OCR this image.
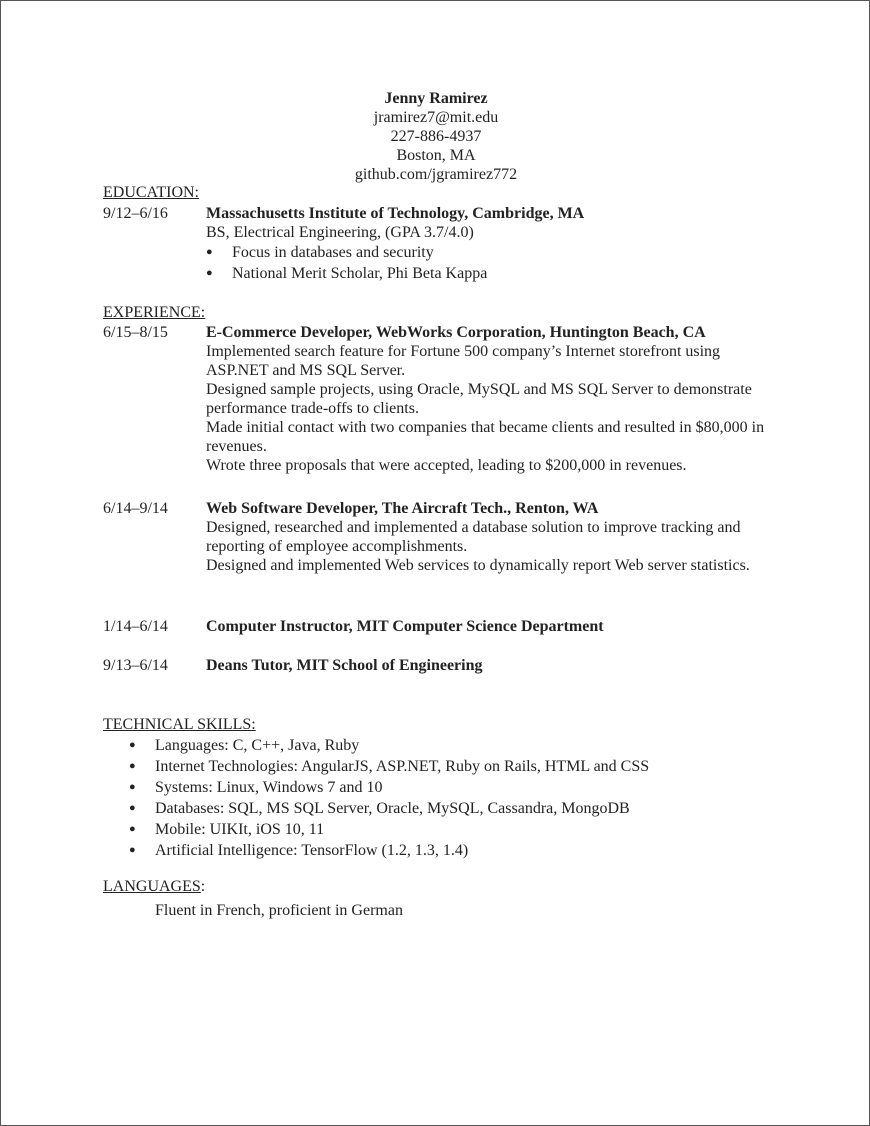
Jenny Ramirez
jramirez7@mit.edu
227-886-4937
Boston, MA
github.com/jgramirez772
EDUCATION:
9/12–6/16 Massachusetts Institute of Technology, Cambridge, MA
BS, Electrical Engineering, (GPA 3.7/4.0)
● Focus in databases and security
● National Merit Scholar, Phi Beta Kappa
EXPERIENCE:
6/15–8/15 E-Commerce Developer, WebWorks Corporation, Huntington Beach, CA
Implemented search feature for Fortune 500 company’s Internet storefront using ASP.NET and MS SQL Server.
Designed sample projects, using Oracle, MySQL and MS SQL Server to demonstrate performance trade-offs to clients.
Made initial contact with two companies that became clients and resulted in $80,000 in revenues.
Wrote three proposals that were accepted, leading to $200,000 in revenues.
6/14–9/14 Web Software Developer, The Aircraft Tech., Renton, WA
Designed, researched and implemented a database solution to improve tracking and reporting of employee accomplishments.
Designed and implemented Web services to dynamically report Web server statistics.
1/14–6/14 Computer Instructor, MIT Computer Science Department
9/13–6/14 Deans Tutor, MIT School of Engineering
TECHNICAL SKILLS:
● Languages: C, C++, Java, Ruby
● Internet Technologies: AngularJS, ASP.NET, Ruby on Rails, HTML and CSS
● Systems: Linux, Windows 7 and 10
● Databases: SQL, MS SQL Server, Oracle, MySQL, Cassandra, MongoDB
● Mobile: UIKIt, iOS 10, 11
● Artificial Intelligence: TensorFlow (1.2, 1.3, 1.4)
LANGUAGES:
Fluent in French, proficient in German
